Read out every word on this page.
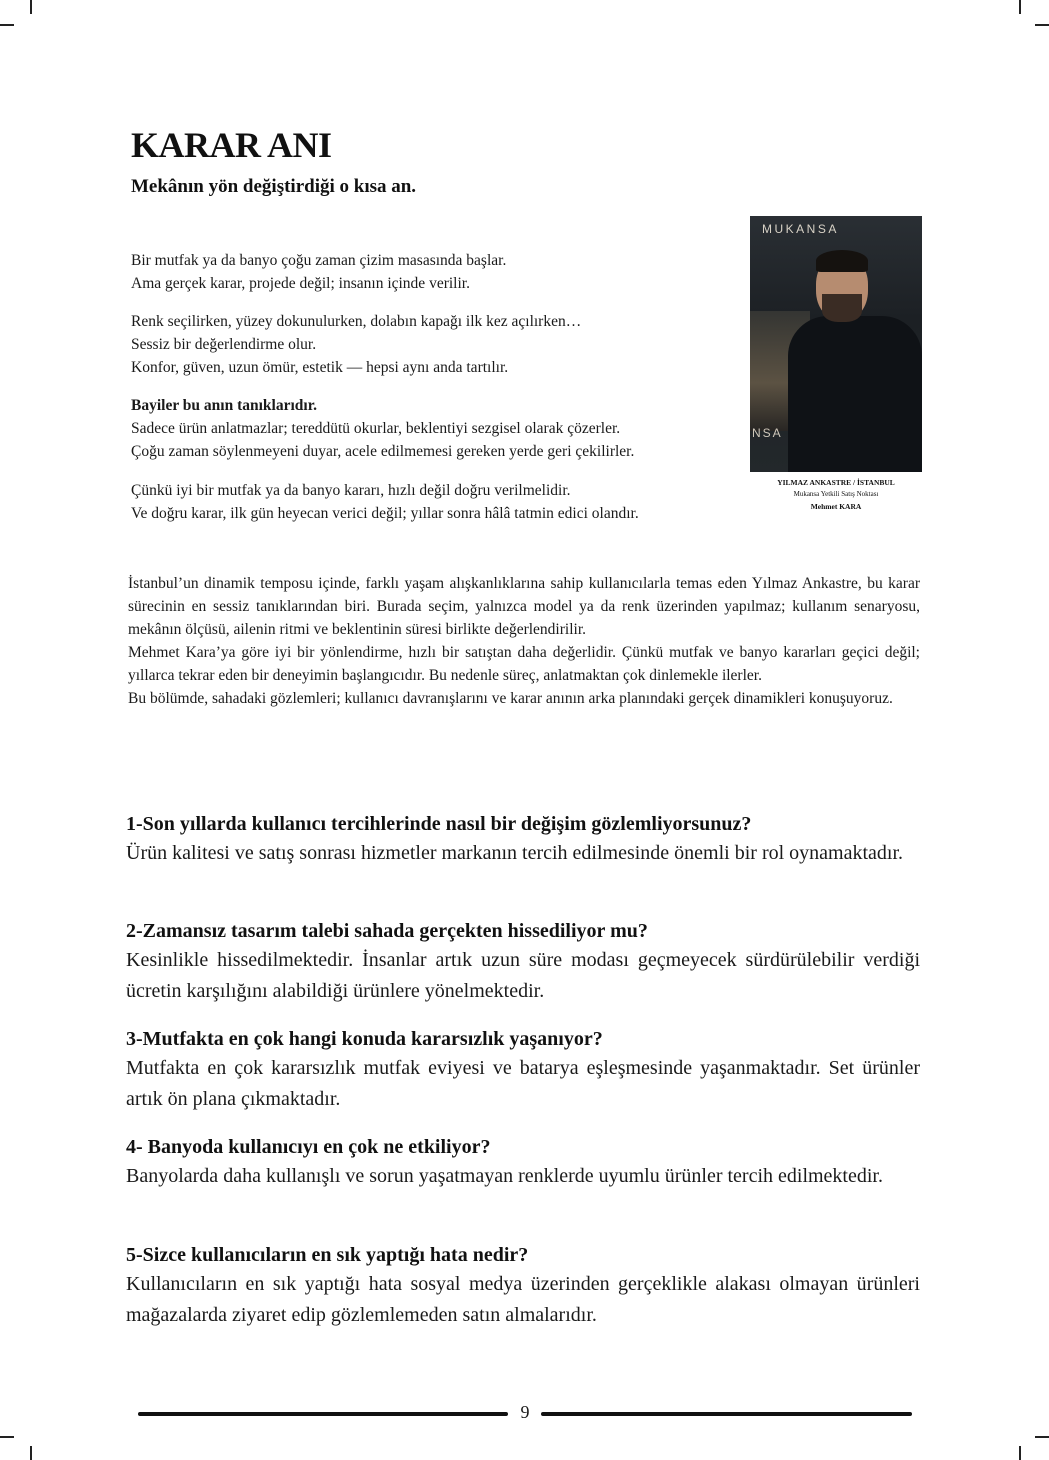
KARAR ANI

Mekânın yön değiştirdiği o kısa an.

Bir mutfak ya da banyo çoğu zaman çizim masasında başlar.

Ama gerçek karar, projede değil; insanın içinde verilir.

Renk seçilirken, yüzey dokunulurken, dolabın kapağı ilk kez açılırken…

Sessiz bir değerlendirme olur.

Konfor, güven, uzun ömür, estetik — hepsi aynı anda tartılır.

Bayiler bu anın tanıklarıdır.

Sadece ürün anlatmazlar; tereddütü okurlar, beklentiyi sezgisel olarak çözerler.

Çoğu zaman söylenmeyeni duyar, acele edilmemesi gereken yerde geri çekilirler.

Çünkü iyi bir mutfak ya da banyo kararı, hızlı değil doğru verilmelidir.

Ve doğru karar, ilk gün heyecan verici değil; yıllar sonra hâlâ tatmin edici olandır.

MUKANSA
NSA
YILMAZ ANKASTRE / İSTANBUL
Mukansa Yetkili Satış Noktası
Mehmet KARA

İstanbul’un dinamik temposu içinde, farklı yaşam alışkanlıklarına sahip kullanıcılarla temas eden Yılmaz Ankastre, bu karar sürecinin en sessiz tanıklarından biri. Burada seçim, yalnızca model ya da renk üzerinden yapılmaz; kullanım senaryosu, mekânın ölçüsü, ailenin ritmi ve beklentinin süresi birlikte değerlendirilir.

Mehmet Kara’ya göre iyi bir yönlendirme, hızlı bir satıştan daha değerlidir. Çünkü mutfak ve banyo kararları geçici değil; yıllarca tekrar eden bir deneyimin başlangıcıdır. Bu nedenle süreç, anlatmaktan çok dinlemekle ilerler.

Bu bölümde, sahadaki gözlemleri; kullanıcı davranışlarını ve karar anının arka planındaki gerçek dinamikleri konuşuyoruz.

1-Son yıllarda kullanıcı tercihlerinde nasıl bir değişim gözlemliyorsunuz?

Ürün kalitesi ve satış sonrası hizmetler markanın tercih edilmesinde önemli bir rol oynamaktadır.

2-Zamansız tasarım talebi sahada gerçekten hissediliyor mu?

Kesinlikle hissedilmektedir. İnsanlar artık uzun süre modası geçmeyecek sürdürülebilir verdiği ücretin karşılığını alabildiği ürünlere yönelmektedir.

3-Mutfakta en çok hangi konuda kararsızlık yaşanıyor?

Mutfakta en çok kararsızlık mutfak eviyesi ve batarya eşleşmesinde yaşanmaktadır. Set ürünler artık ön plana çıkmaktadır.

4- Banyoda kullanıcıyı en çok ne etkiliyor?

Banyolarda daha kullanışlı ve sorun yaşatmayan renklerde uyumlu ürünler tercih edilmektedir.

5-Sizce kullanıcıların en sık yaptığı hata nedir?

Kullanıcıların en sık yaptığı hata sosyal medya üzerinden gerçeklikle alakası olmayan ürünleri mağazalarda ziyaret edip gözlemlemeden satın almalarıdır.

9
